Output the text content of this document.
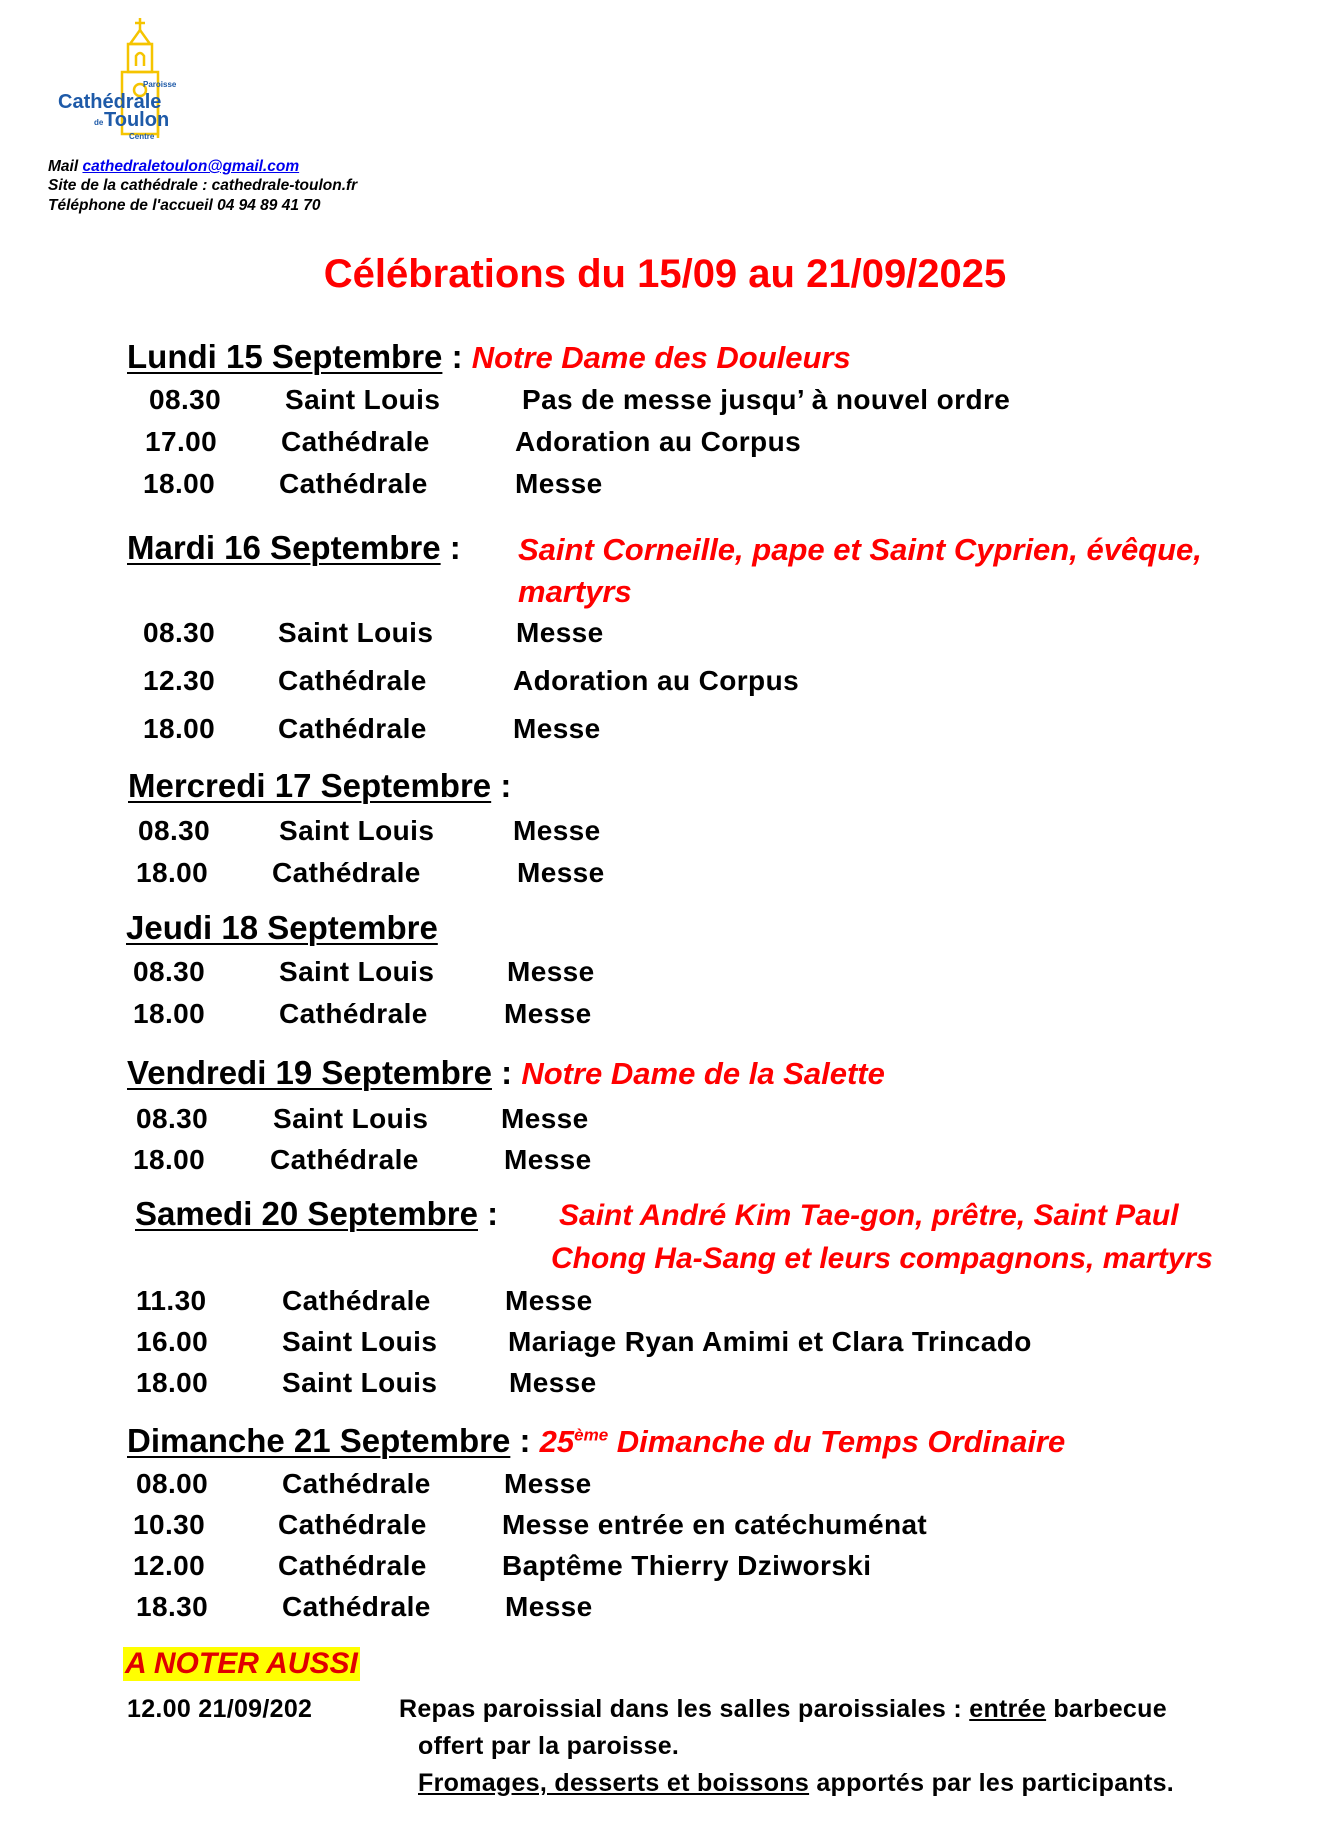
Paroisse
Cathédrale
de Toulon
Centre
Mail cathedraletoulon@gmail.com
Site de la cathédrale : cathedrale-toulon.fr
Téléphone de l'accueil 04 94 89 41 70
Célébrations du 15/09 au 21/09/2025
Lundi 15 Septembre : Notre Dame des Douleurs
08.30 Saint Louis	Pas de messe jusqu’ à nouvel ordre
17.00 Cathédrale	Adoration au Corpus
18.00 Cathédrale	Messe
Mardi 16 Septembre : Saint Corneille, pape et Saint Cyprien, évêque,
martyrs
08.30 Saint Louis	Messe
12.30 Cathédrale	Adoration au Corpus
18.00 Cathédrale	Messe
Mercredi 17 Septembre :
08.30 Saint Louis	Messe
18.00 Cathédrale	Messe
Jeudi 18 Septembre
08.30	Saint Louis	Messe
18.00	Cathédrale	Messe
Vendredi 19 Septembre : Notre Dame de la Salette
08.30 Saint Louis	Messe
18.00 Cathédrale	Messe
Samedi 20 Septembre : Saint André Kim Tae-gon, prêtre, Saint Paul
Chong Ha-Sang et leurs compagnons, martyrs
11.30	Cathédrale	Messe
16.00	Saint Louis	Mariage Ryan Amimi et Clara Trincado
18.00	Saint Louis	Messe
Dimanche 21 Septembre : 25ème Dimanche du Temps Ordinaire
08.00	Cathédrale	Messe
10.30	Cathédrale	Messe entrée en catéchuménat
12.00	Cathédrale	Baptême Thierry Dziworski
18.30	Cathédrale	Messe
A NOTER AUSSI
12.00 21/09/202	Repas paroissial dans les salles paroissiales : entrée barbecue
offert par la paroisse.
Fromages, desserts et boissons apportés par les participants.
